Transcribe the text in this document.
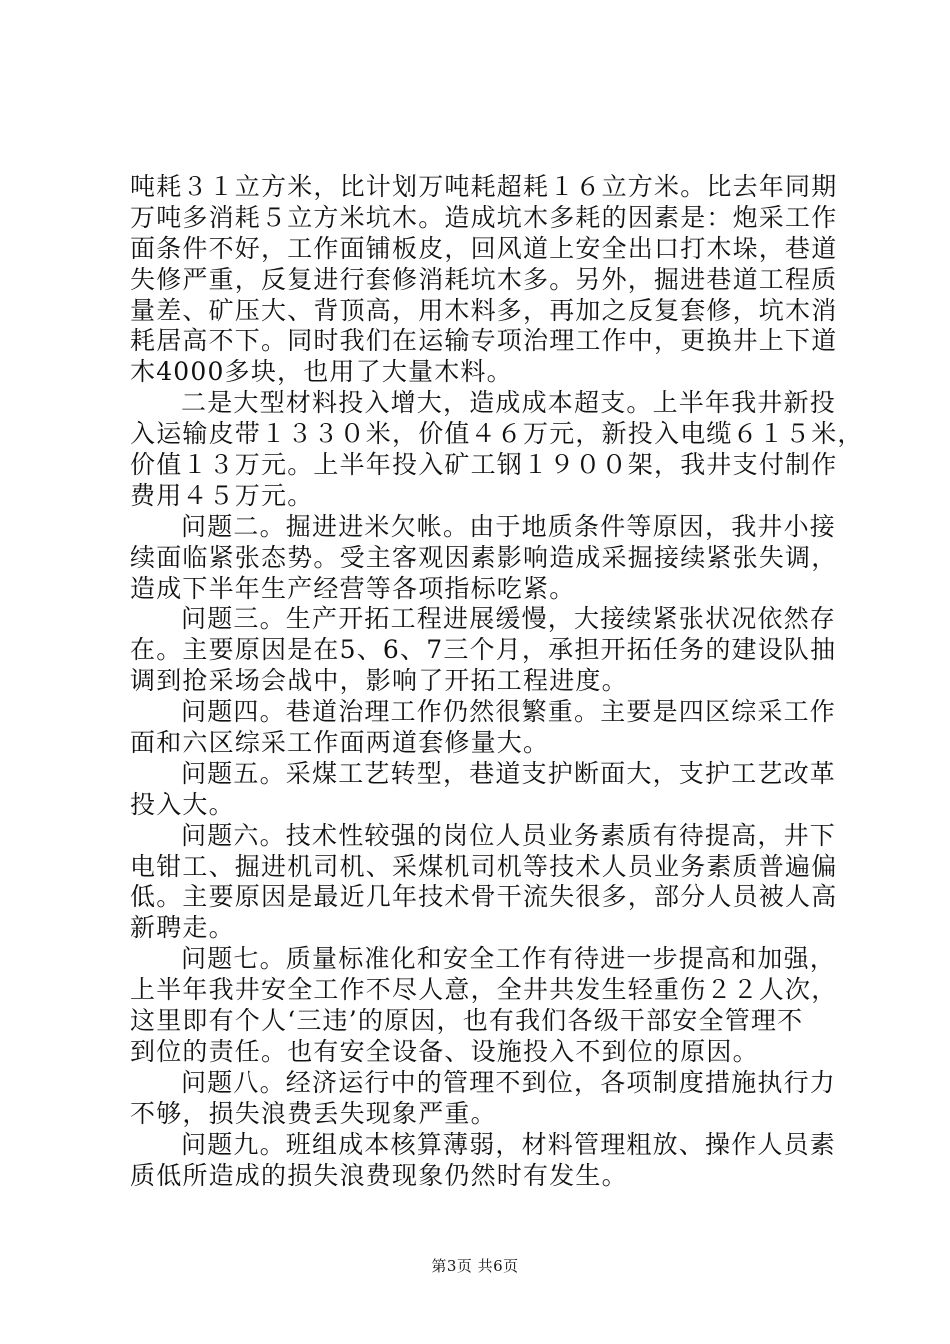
吨耗３１立方米，比计划万吨耗超耗１６立方米。比去年同期
万吨多消耗５立方米坑木。造成坑木多耗的因素是：炮采工作
面条件不好，工作面铺板皮，回风道上安全出口打木垛，巷道
失修严重，反复进行套修消耗坑木多。另外，掘进巷道工程质
量差、矿压大、背顶高，用木料多，再加之反复套修，坑木消
耗居高不下。同时我们在运输专项治理工作中，更换井上下道
木4000多块，也用了大量木料。
二是大型材料投入增大，造成成本超支。上半年我井新投
入运输皮带１３３０米，价值４６万元，新投入电缆６１５米，
价值１３万元。上半年投入矿工钢１９００架，我井支付制作
费用４５万元。
问题二。掘进进米欠帐。由于地质条件等原因，我井小接
续面临紧张态势。受主客观因素影响造成采掘接续紧张失调，
造成下半年生产经营等各项指标吃紧。
问题三。生产开拓工程进展缓慢，大接续紧张状况依然存
在。主要原因是在5、6、7三个月，承担开拓任务的建设队抽
调到抢采场会战中，影响了开拓工程进度。
问题四。巷道治理工作仍然很繁重。主要是四区综采工作
面和六区综采工作面两道套修量大。
问题五。采煤工艺转型，巷道支护断面大，支护工艺改革
投入大。
问题六。技术性较强的岗位人员业务素质有待提高，井下
电钳工、掘进机司机、采煤机司机等技术人员业务素质普遍偏
低。主要原因是最近几年技术骨干流失很多，部分人员被人高
新聘走。
问题七。质量标准化和安全工作有待进一步提高和加强，
上半年我井安全工作不尽人意，全井共发生轻重伤２２人次，
这里即有个人‘三违’的原因，也有我们各级干部安全管理不
到位的责任。也有安全设备、设施投入不到位的原因。
问题八。经济运行中的管理不到位，各项制度措施执行力
不够，损失浪费丢失现象严重。
问题九。班组成本核算薄弱，材料管理粗放、操作人员素
质低所造成的损失浪费现象仍然时有发生。
第3页 共6页
